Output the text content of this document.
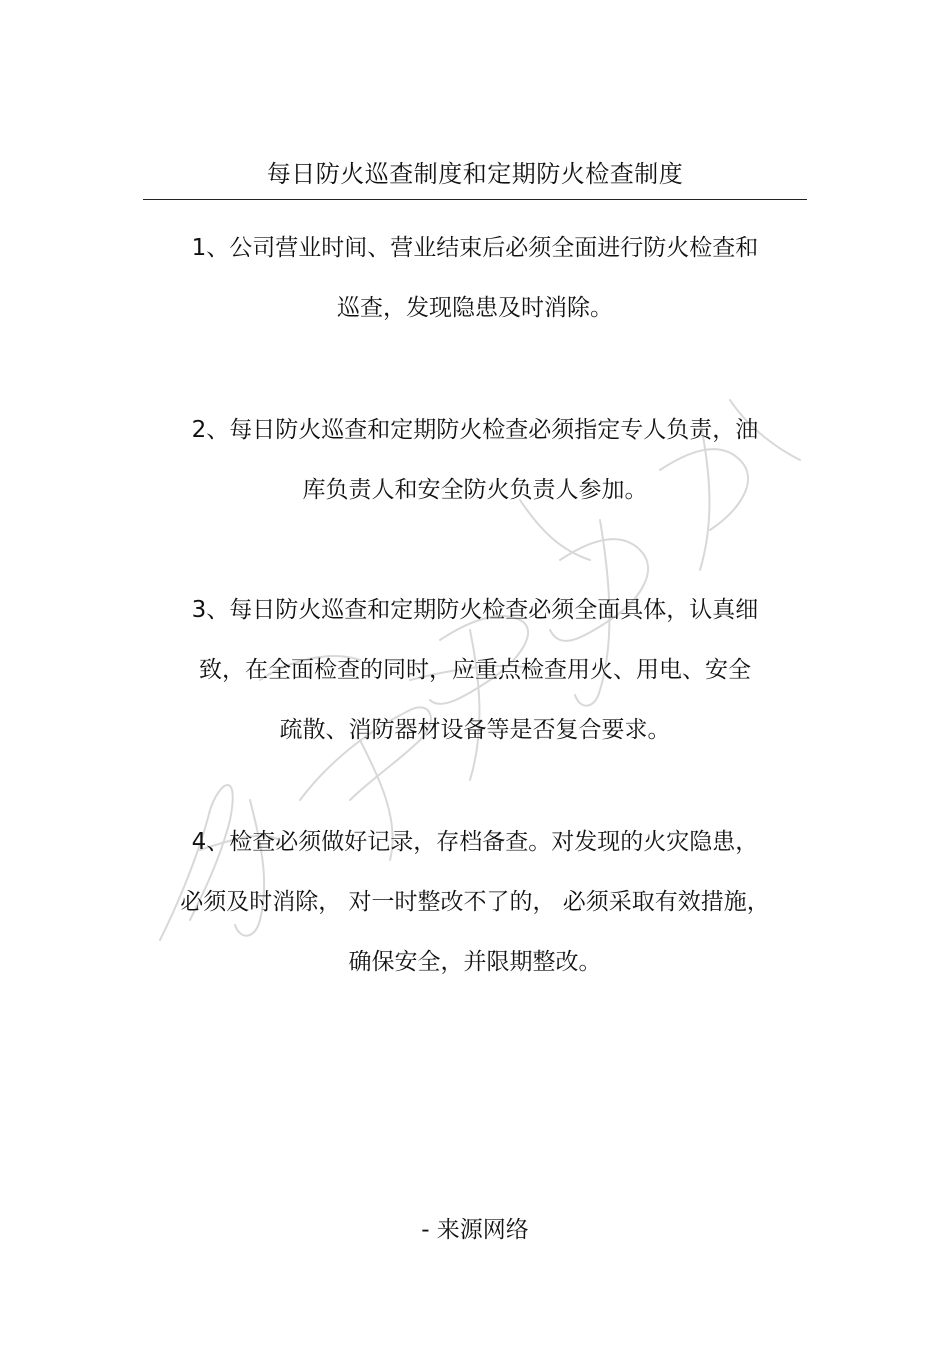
每日防火巡查制度和定期防火检查制度
1、公司营业时间、营业结束后必须全面进行防火检查和
巡查，发现隐患及时消除。
2、每日防火巡查和定期防火检查必须指定专人负责，油
库负责人和安全防火负责人参加。
3、每日防火巡查和定期防火检查必须全面具体，认真细
致，在全面检查的同时，应重点检查用火、用电、安全
疏散、消防器材设备等是否复合要求。
4、检查必须做好记录，存档备查。对发现的火灾隐患，
必须及时消除， 对一时整改不了的， 必须采取有效措施，
确保安全，并限期整改。
- 来源网络
